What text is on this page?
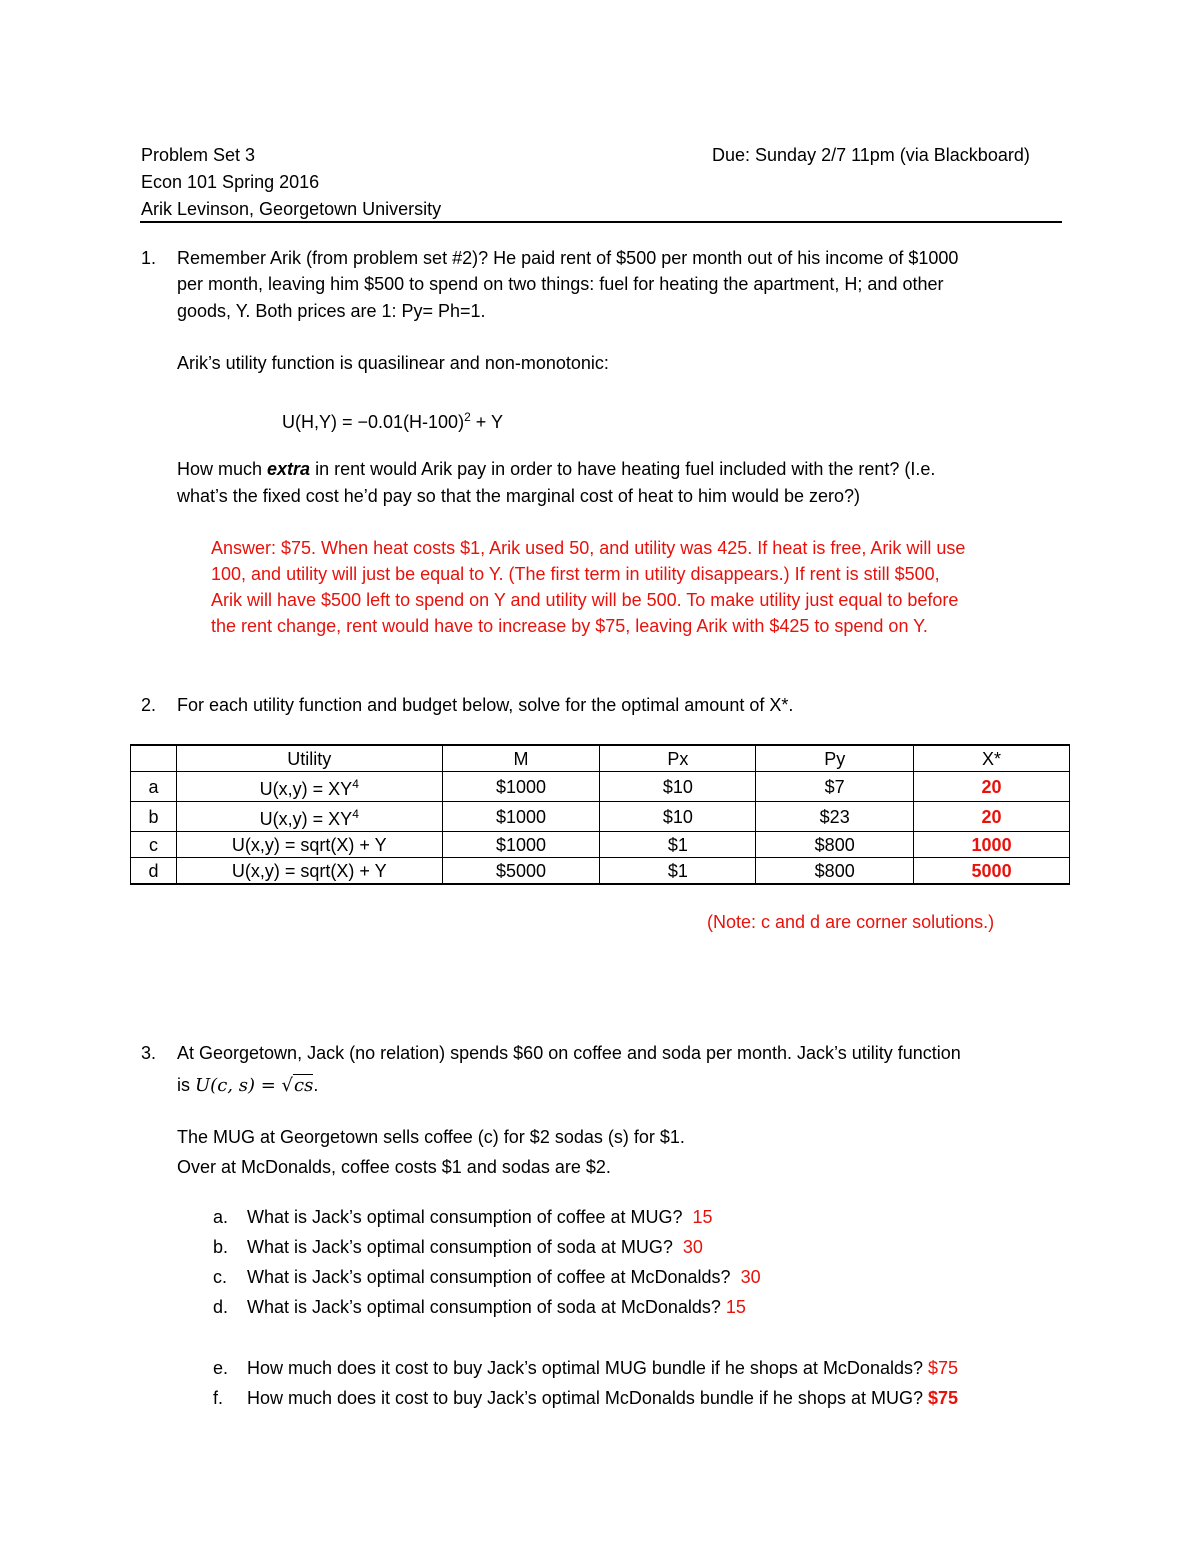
Problem Set 3	Due: Sunday 2/7 11pm (via Blackboard)
Econ 101 Spring 2016
Arik Levinson, Georgetown University
1. Remember Arik (from problem set #2)? He paid rent of $500 per month out of his income of $1000
per month, leaving him $500 to spend on two things: fuel for heating the apartment, H; and other
goods, Y. Both prices are 1: Py= Ph=1.
Arik’s utility function is quasilinear and non-monotonic:
$U(H,Y) = -0.01(H-100)^2 + Y$
How much extra in rent would Arik pay in order to have heating fuel included with the rent? (I.e.
what’s the fixed cost he’d pay so that the marginal cost of heat to him would be zero?)
Answer: $75. When heat costs $1, Arik used 50, and utility was 425. If heat is free, Arik will use
100, and utility will just be equal to Y. (The first term in utility disappears.) If rent is still $500,
Arik will have $500 left to spend on Y and utility will be 500. To make utility just equal to before
the rent change, rent would have to increase by $75, leaving Arik with $425 to spend on Y.
2. For each utility function and budget below, solve for the optimal amount of X*.
	Utility	M	Px	Py	X*
a	$U(x,y) = XY^4$	$1000	$10	$7	20
b	$U(x,y) = XY^4$	$1000	$10	$23	20
c	U(x,y) = sqrt(X) + Y	$1000	$1	$800	1000
d	U(x,y) = sqrt(X) + Y	$5000	$1	$800	5000
(Note: c and d are corner solutions.)
3. At Georgetown, Jack (no relation) spends $60 on coffee and soda per month. Jack’s utility function
is U(c, s) = √cs.
The MUG at Georgetown sells coffee (c) for $2 sodas (s) for $1.
Over at McDonalds, coffee costs $1 and sodas are $2.
a. What is Jack’s optimal consumption of coffee at MUG? 15
b. What is Jack’s optimal consumption of soda at MUG? 30
c. What is Jack’s optimal consumption of coffee at McDonalds? 30
d. What is Jack’s optimal consumption of soda at McDonalds? 15
e. How much does it cost to buy Jack’s optimal MUG bundle if he shops at McDonalds? $75
f. How much does it cost to buy Jack’s optimal McDonalds bundle if he shops at MUG? $75
